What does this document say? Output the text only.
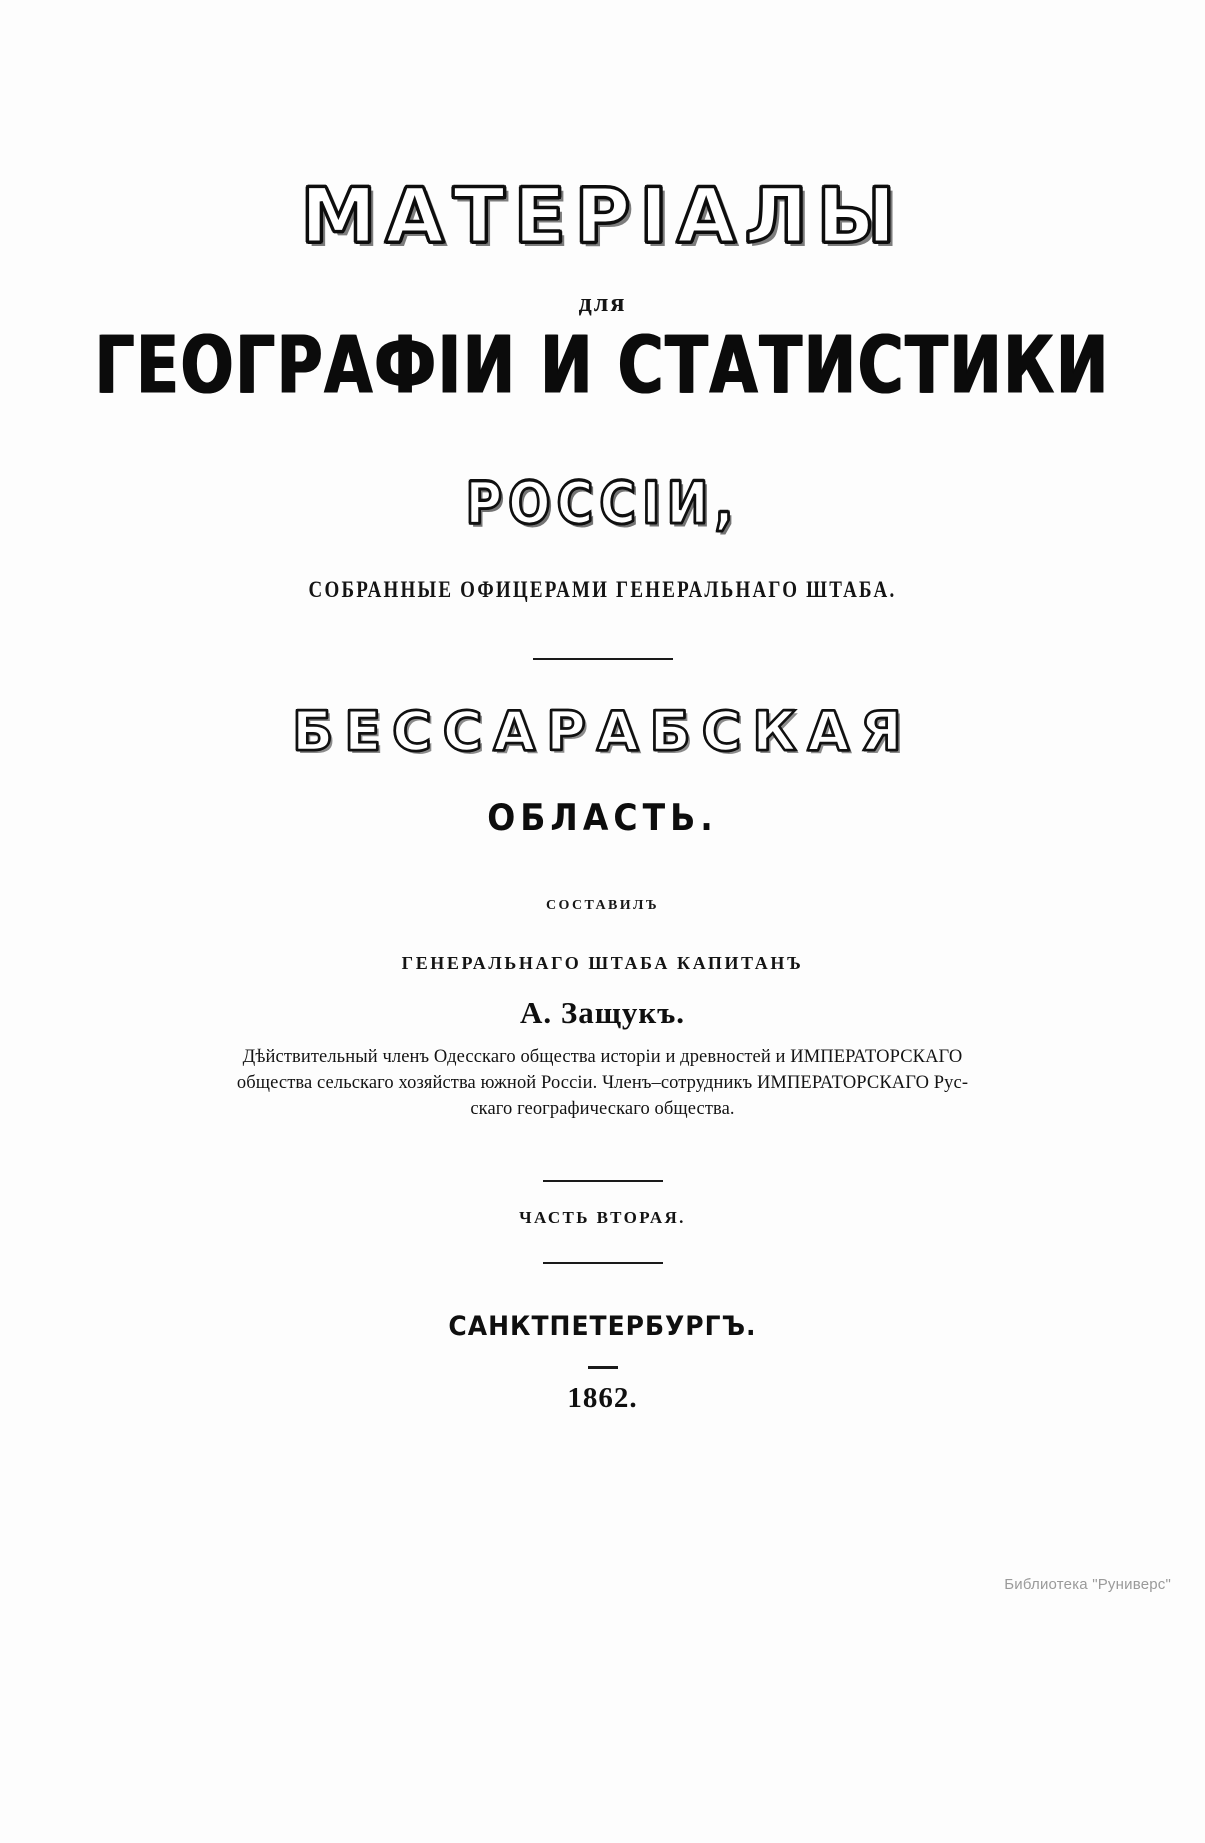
МАТЕРІАЛЫ
для
ГЕОГРАФІИ И СТАТИСТИКИ
РОССІИ,
СОБРАННЫЕ ОФИЦЕРАМИ ГЕНЕРАЛЬНАГО ШТАБА.
БЕССАРАБСКАЯ
ОБЛАСТЬ.
СОСТАВИЛЪ
ГЕНЕРАЛЬНАГО ШТАБА КАПИТАНЪ
А. Защукъ.
Дѣйствительный членъ Одесскаго общества исторіи и древностей и ИМПЕРАТОРСКАГО
общества сельскаго хозяйства южной Россіи. Членъ–сотрудникъ ИМПЕРАТОРСКАГО Рус-
скаго географическаго общества.
ЧАСТЬ ВТОРАЯ.
САНКТПЕТЕРБУРГЪ.
1862.
Библиотека "Руниверс"
